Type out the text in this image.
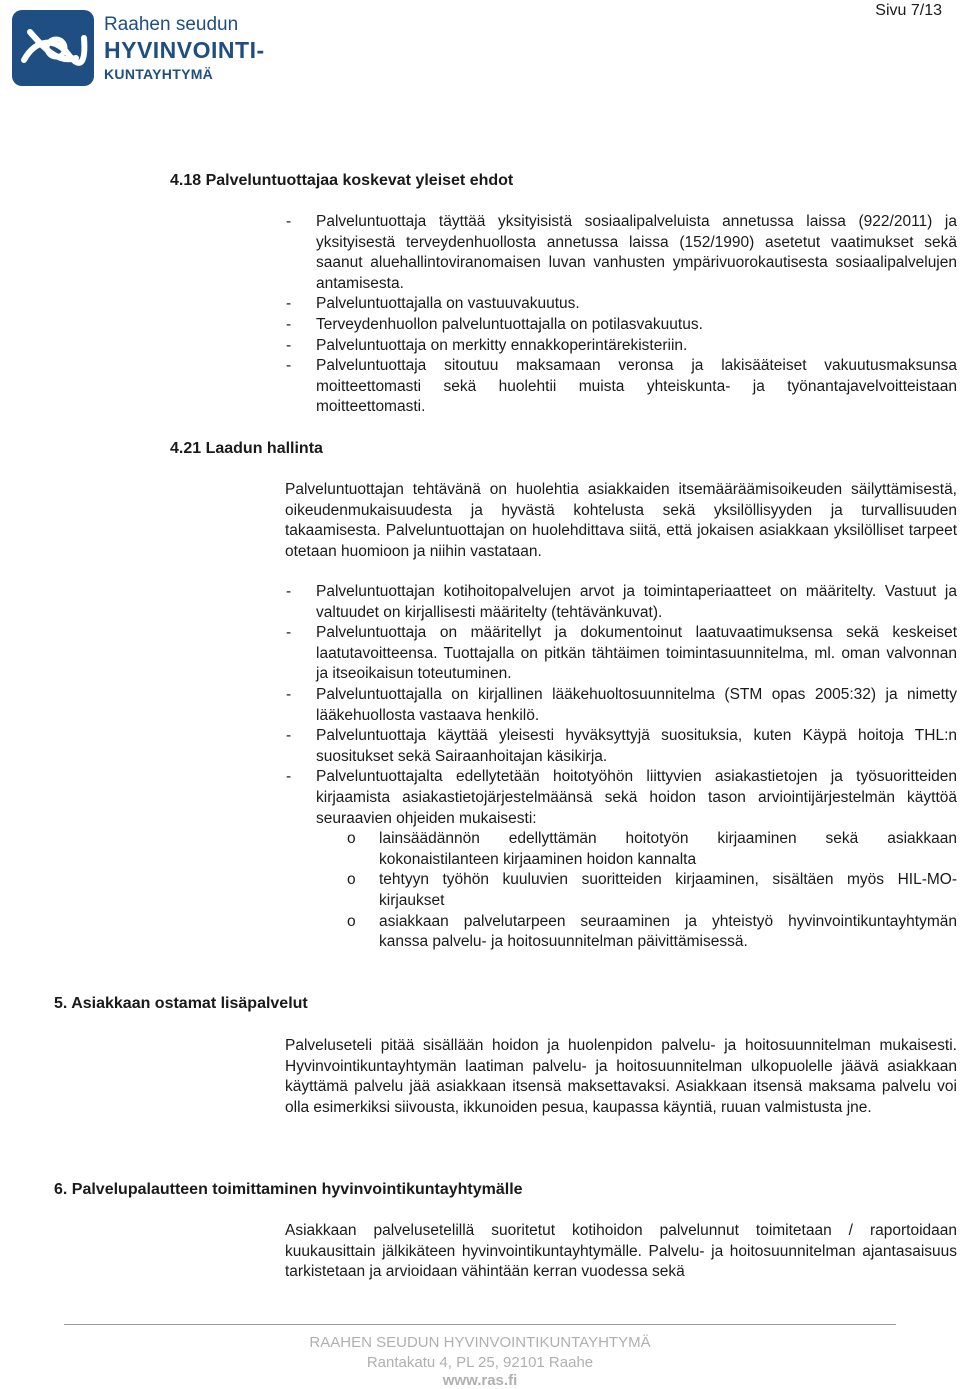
Raahen seudun
HYVINVOINTI-
KUNTAYHTYMÄ
Sivu 7/13
4.18 Palveluntuottajaa koskevat yleiset ehdot
- Palveluntuottaja täyttää yksityisistä sosiaalipalveluista annetussa laissa (922/2011) ja yksityisestä terveydenhuollosta annetussa laissa (152/1990) asetetut vaatimukset sekä saanut aluehallintoviranomaisen luvan vanhusten ympärivuorokautisesta sosiaalipalvelujen antamisesta.
- Palveluntuottajalla on vastuuvakuutus.
- Terveydenhuollon palveluntuottajalla on potilasvakuutus.
- Palveluntuottaja on merkitty ennakkoperintärekisteriin.
- Palveluntuottaja sitoutuu maksamaan veronsa ja lakisääteiset vakuutusmaksunsa moitteettomasti sekä huolehtii muista yhteiskunta- ja työnantajavelvoitteistaan moitteettomasti.
4.21 Laadun hallinta
Palveluntuottajan tehtävänä on huolehtia asiakkaiden itsemääräämisoikeuden säilyttämisestä, oikeudenmukaisuudesta ja hyvästä kohtelusta sekä yksilöllisyyden ja turvallisuuden takaamisesta. Palveluntuottajan on huolehdittava siitä, että jokaisen asiakkaan yksilölliset tarpeet otetaan huomioon ja niihin vastataan.
- Palveluntuottajan kotihoitopalvelujen arvot ja toimintaperiaatteet on määritelty. Vastuut ja valtuudet on kirjallisesti määritelty (tehtävänkuvat).
- Palveluntuottaja on määritellyt ja dokumentoinut laatuvaatimuksensa sekä keskeiset laatutavoitteensa. Tuottajalla on pitkän tähtäimen toimintasuunnitelma, ml. oman valvonnan ja itseoikaisun toteutuminen.
- Palveluntuottajalla on kirjallinen lääkehuoltosuunnitelma (STM opas 2005:32) ja nimetty lääkehuollosta vastaava henkilö.
- Palveluntuottaja käyttää yleisesti hyväksyttyjä suosituksia, kuten Käypä hoitoja THL:n suositukset sekä Sairaanhoitajan käsikirja.
- Palveluntuottajalta edellytetään hoitotyöhön liittyvien asiakastietojen ja työsuoritteiden kirjaamista asiakastietojärjestelmäänsä sekä hoidon tason arviointijärjestelmän käyttöä seuraavien ohjeiden mukaisesti:
o lainsäädännön edellyttämän hoitotyön kirjaaminen sekä asiakkaan kokonaistilanteen kirjaaminen hoidon kannalta
o tehtyyn työhön kuuluvien suoritteiden kirjaaminen, sisältäen myös HIL-MO-kirjaukset
o asiakkaan palvelutarpeen seuraaminen ja yhteistyö hyvinvointikuntayhtymän kanssa palvelu- ja hoitosuunnitelman päivittämisessä.
5. Asiakkaan ostamat lisäpalvelut
Palveluseteli pitää sisällään hoidon ja huolenpidon palvelu- ja hoitosuunnitelman mukaisesti. Hyvinvointikuntayhtymän laatiman palvelu- ja hoitosuunnitelman ulkopuolelle jäävä asiakkaan käyttämä palvelu jää asiakkaan itsensä maksettavaksi. Asiakkaan itsensä maksama palvelu voi olla esimerkiksi siivousta, ikkunoiden pesua, kaupassa käyntiä, ruuan valmistusta jne.
6. Palvelupalautteen toimittaminen hyvinvointikuntayhtymälle
Asiakkaan palvelusetelillä suoritetut kotihoidon palvelunnut toimitetaan / raportoidaan kuukausittain jälkikäteen hyvinvointikuntayhtymälle. Palvelu- ja hoitosuunnitelman ajantasaisuus tarkistetaan ja arvioidaan vähintään kerran vuodessa sekä
RAAHEN SEUDUN HYVINVOINTIKUNTAYHTYMÄ
Rantakatu 4, PL 25, 92101 Raahe
www.ras.fi
